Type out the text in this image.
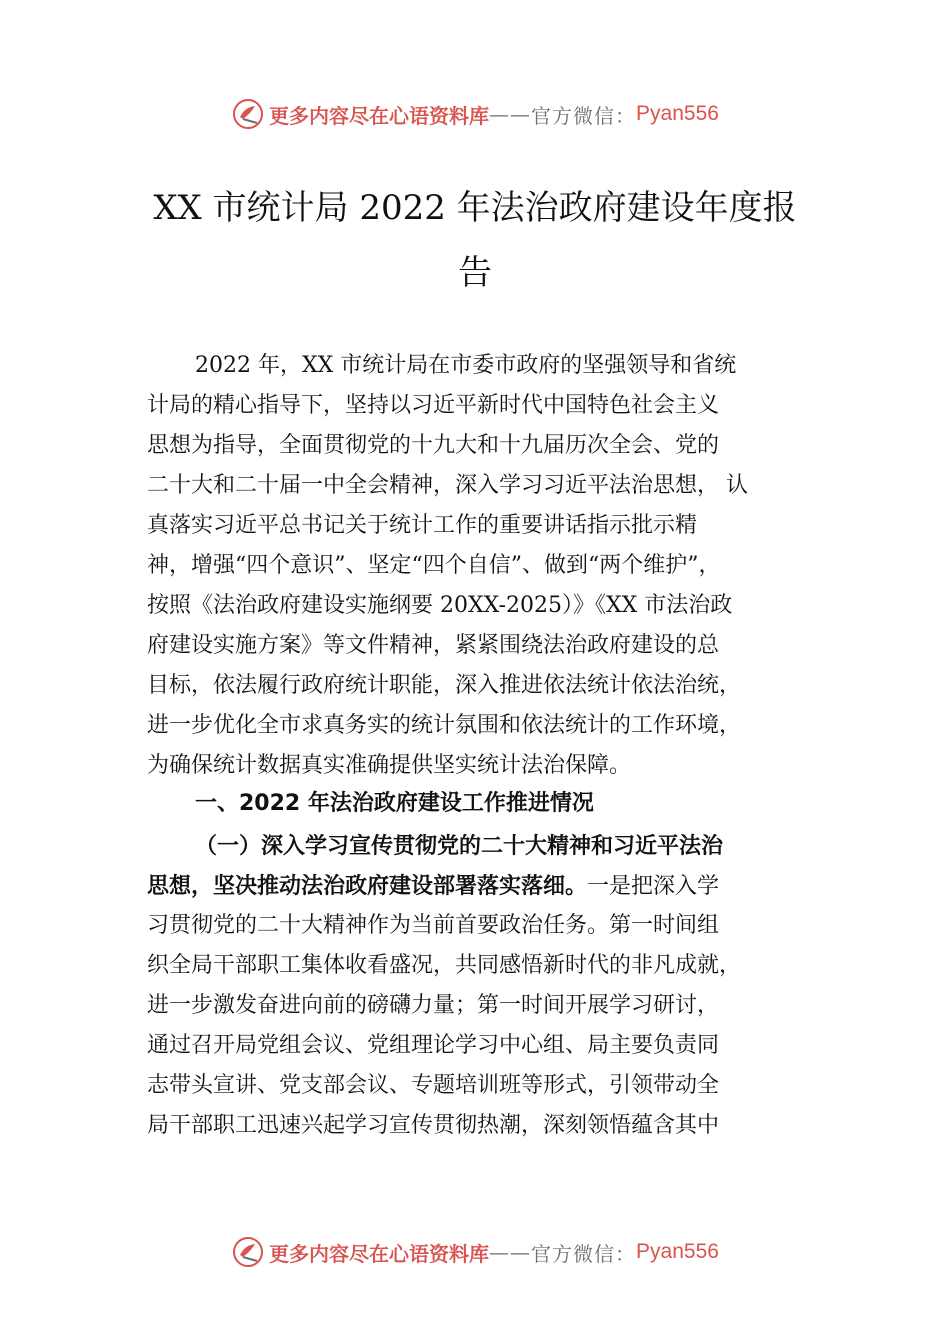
更多内容尽在心语资料库 —— 官方微信： Pyan556
XX 市统计局 2022 年法治政府建设年度报
告
2022 年，XX 市统计局在市委市政府的坚强领导和省统
计局的精心指导下，坚持以习近平新时代中国特色社会主义
思想为指导，全面贯彻党的十九大和十九届历次全会、党的
二十大和二十届一中全会精神，深入学习习近平法治思想， 认
真落实习近平总书记关于统计工作的重要讲话指示批示精
神，增强“四个意识”、坚定“四个自信”、做到“两个维护”，
按照《法治政府建设实施纲要 20XX-2025）》《XX 市法治政
府建设实施方案》等文件精神，紧紧围绕法治政府建设的总
目标，依法履行政府统计职能，深入推进依法统计依法治统，
进一步优化全市求真务实的统计氛围和依法统计的工作环境，
为确保统计数据真实准确提供坚实统计法治保障。
一、2022 年法治政府建设工作推进情况
（一）深入学习宣传贯彻党的二十大精神和习近平法治
思想，坚决推动法治政府建设部署落实落细。一是把深入学
习贯彻党的二十大精神作为当前首要政治任务。第一时间组
织全局干部职工集体收看盛况，共同感悟新时代的非凡成就，
进一步激发奋进向前的磅礴力量；第一时间开展学习研讨，
通过召开局党组会议、党组理论学习中心组、局主要负责同
志带头宣讲、党支部会议、专题培训班等形式，引领带动全
局干部职工迅速兴起学习宣传贯彻热潮，深刻领悟蕴含其中
更多内容尽在心语资料库 —— 官方微信： Pyan556
